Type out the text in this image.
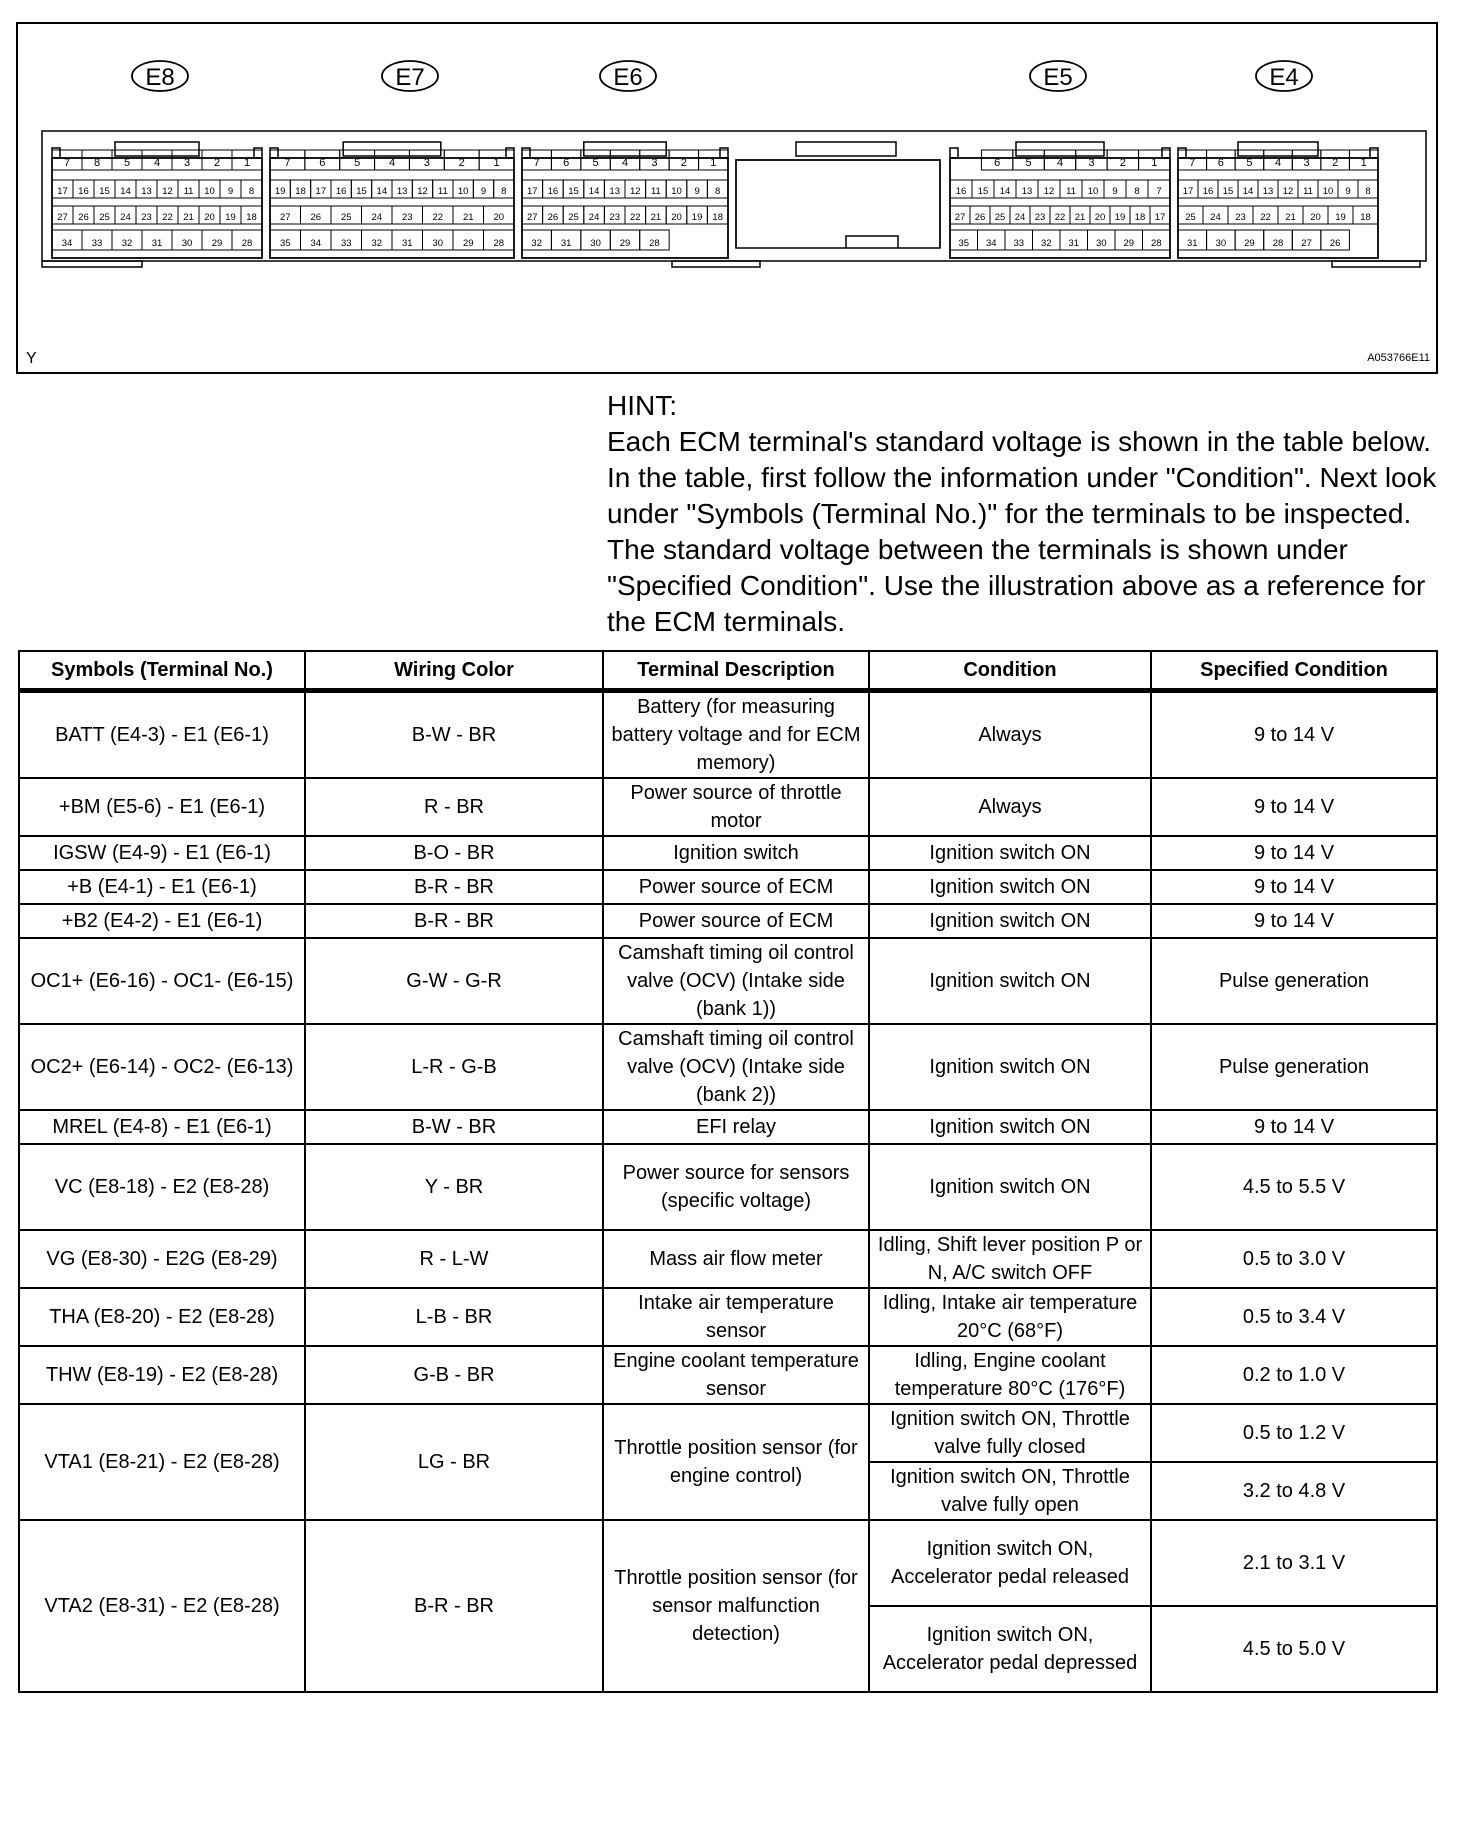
E8
7 8 5 4 3 2 1
17 16 15 14 13 12 11 10 9 8
27 26 25 24 23 22 21 20 19 18
34 33 32 31 30 29 28
E7
7	6	5	4	3	2	1
19 18 17 16 15 14 13 12 11 10 9 8
27 26 25 24 23 22 21 20
35 34 33 32 31 30 29 28
E6
7 6 5 4 3 2 1
17 16 15 14 13 12 11 10 9 8
27 26 25 24 23 22 21 20 19 18
32 31 30 29 28
E5
6 5 4 3 2 1
16 15 14 13 12 11 10 9 8 7
27 26 25 24 23 22 21 20 19 18 17
35 34 33 32 31 30 29 28
E4
7 6 5 4 3 2 1
17 16 15 14 13 12 11 10 9 8
25 24 23 22 21 20 19 18
31 30 29 28 27 26
Y	A053766E11

HINT:

Each ECM terminal's standard voltage is shown in the table below. In the table, first follow the information under "Condition". Next look under "Symbols (Terminal No.)" for the terminals to be inspected. The standard voltage between the terminals is shown under "Specified Condition". Use the illustration above as a reference for the ECM terminals.

Symbols (Terminal No.)	Wiring Color	Terminal Description	Condition	Specified Condition
BATT (E4-3) - E1 (E6-1)	B-W - BR	Battery (for measuring battery voltage and for ECM memory)	Always	9 to 14 V
+BM (E5-6) - E1 (E6-1)	R - BR	Power source of throttle motor	Always	9 to 14 V
IGSW (E4-9) - E1 (E6-1)	B-O - BR	Ignition switch	Ignition switch ON	9 to 14 V
+B (E4-1) - E1 (E6-1)	B-R - BR	Power source of ECM	Ignition switch ON	9 to 14 V
+B2 (E4-2) - E1 (E6-1)	B-R - BR	Power source of ECM	Ignition switch ON	9 to 14 V
OC1+ (E6-16) - OC1- (E6-15)	G-W - G-R	Camshaft timing oil control valve (OCV) (Intake side (bank 1))	Ignition switch ON	Pulse generation
OC2+ (E6-14) - OC2- (E6-13)	L-R - G-B	Camshaft timing oil control valve (OCV) (Intake side (bank 2))	Ignition switch ON	Pulse generation
MREL (E4-8) - E1 (E6-1)	B-W - BR	EFI relay	Ignition switch ON	9 to 14 V
VC (E8-18) - E2 (E8-28)	Y - BR	Power source for sensors (specific voltage)	Ignition switch ON	4.5 to 5.5 V
VG (E8-30) - E2G (E8-29)	R - L-W	Mass air flow meter	Idling, Shift lever position P or N, A/C switch OFF	0.5 to 3.0 V
THA (E8-20) - E2 (E8-28)	L-B - BR	Intake air temperature sensor	Idling, Intake air temperature 20°C (68°F)	0.5 to 3.4 V
THW (E8-19) - E2 (E8-28)	G-B - BR	Engine coolant temperature sensor	Idling, Engine coolant temperature 80°C (176°F)	0.2 to 1.0 V
VTA1 (E8-21) - E2 (E8-28)	LG - BR	Throttle position sensor (for engine control)	Ignition switch ON, Throttle valve fully closed	0.5 to 1.2 V
			Ignition switch ON, Throttle valve fully open	3.2 to 4.8 V
VTA2 (E8-31) - E2 (E8-28)	B-R - BR	Throttle position sensor (for sensor malfunction detection)	Ignition switch ON, Accelerator pedal released	2.1 to 3.1 V
			Ignition switch ON, Accelerator pedal depressed	4.5 to 5.0 V
